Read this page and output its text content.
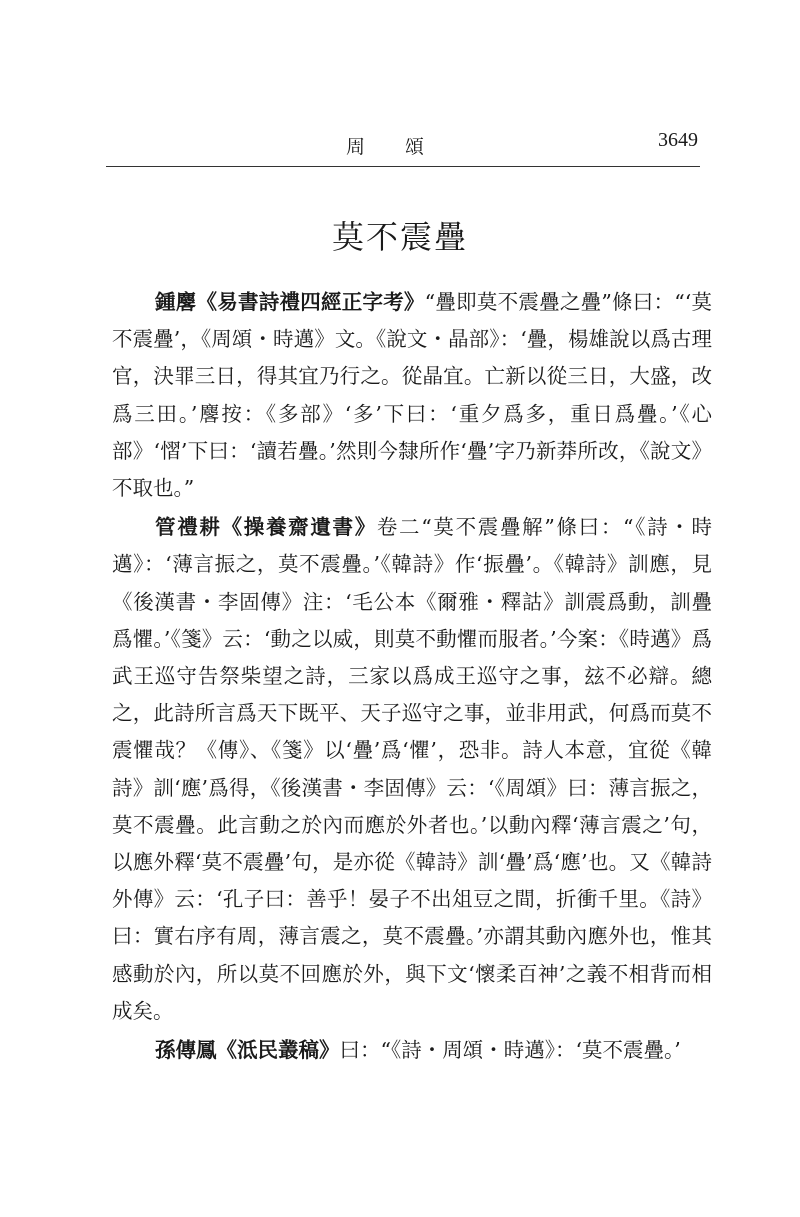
周頌	3649
莫不震疊

鍾麐《易書詩禮四經正字考》“疊即莫不震疊之疊”條曰：“‘莫不震疊’，《周頌・時邁》文。《說文・晶部》：‘疊，楊雄說以爲古理官，決罪三日，得其宜乃行之。從晶宜。亡新以從三日，大盛，改爲三田。’麐按：《多部》‘多’下曰：‘重夕爲多，重日爲疊。’《心部》‘慴’下曰：‘讀若疊。’然則今隸所作‘疊’字乃新莽所改，《說文》不取也。”

管禮耕《操養齋遺書》卷二“莫不震疊解”條曰：“《詩・時邁》：‘薄言振之，莫不震疊。’《韓詩》作‘振疊’。《韓詩》訓應，見《後漢書・李固傳》注：‘毛公本《爾雅・釋詁》訓震爲動，訓疊爲懼。’《箋》云：‘動之以威，則莫不動懼而服者。’今案：《時邁》爲武王巡守告祭柴望之詩，三家以爲成王巡守之事，玆不必辯。總之，此詩所言爲天下既平、天子巡守之事，並非用武，何爲而莫不震懼哉？《傳》、《箋》以‘疊’爲‘懼’，恐非。詩人本意，宜從《韓詩》訓‘應’爲得，《後漢書・李固傳》云：‘《周頌》曰：薄言振之，莫不震疊。此言動之於內而應於外者也。’以動內釋‘薄言震之’句，以應外釋‘莫不震疊’句，是亦從《韓詩》訓‘疊’爲‘應’也。又《韓詩外傳》云：‘孔子曰：善乎！晏子不出俎豆之間，折衝千里。《詩》曰：實右序有周，薄言震之，莫不震疊。’亦謂其動內應外也，惟其感動於內，所以莫不回應於外，與下文‘懷柔百神’之義不相背而相成矣。

孫傳鳳《泜民叢稿》曰：“《詩・周頌・時邁》：‘莫不震疊。’
